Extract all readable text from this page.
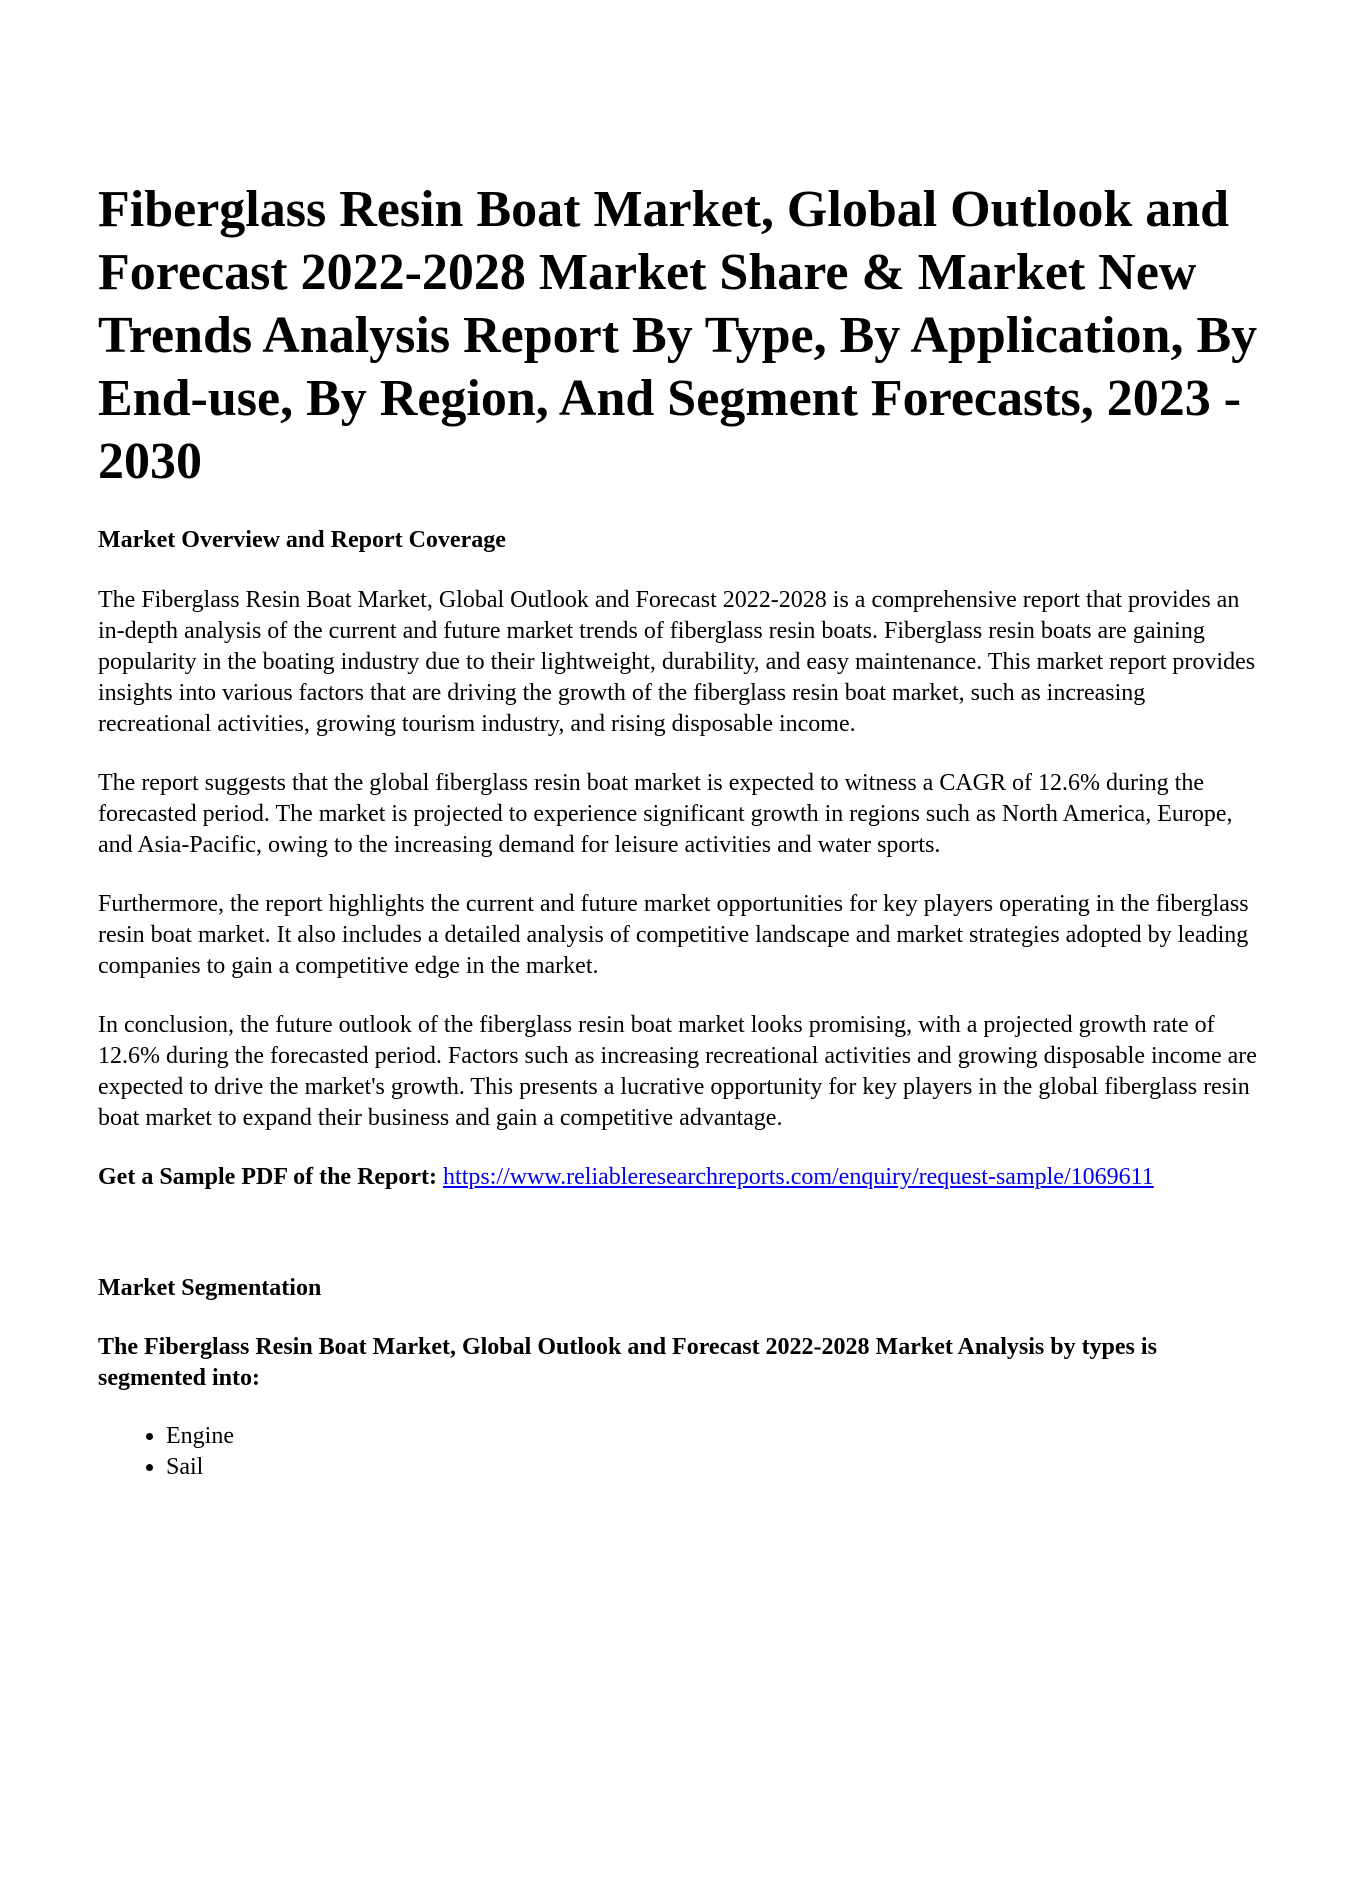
Fiberglass Resin Boat Market, Global Outlook and Forecast 2022-2028 Market Share & Market New Trends Analysis Report By Type, By Application, By End-use, By Region, And Segment Forecasts, 2023 - 2030
Market Overview and Report Coverage

The Fiberglass Resin Boat Market, Global Outlook and Forecast 2022-2028 is a comprehensive report that provides an in-depth analysis of the current and future market trends of fiberglass resin boats. Fiberglass resin boats are gaining popularity in the boating industry due to their lightweight, durability, and easy maintenance. This market report provides insights into various factors that are driving the growth of the fiberglass resin boat market, such as increasing recreational activities, growing tourism industry, and rising disposable income.

The report suggests that the global fiberglass resin boat market is expected to witness a CAGR of 12.6% during the forecasted period. The market is projected to experience significant growth in regions such as North America, Europe, and Asia-Pacific, owing to the increasing demand for leisure activities and water sports.

Furthermore, the report highlights the current and future market opportunities for key players operating in the fiberglass resin boat market. It also includes a detailed analysis of competitive landscape and market strategies adopted by leading companies to gain a competitive edge in the market.

In conclusion, the future outlook of the fiberglass resin boat market looks promising, with a projected growth rate of 12.6% during the forecasted period. Factors such as increasing recreational activities and growing disposable income are expected to drive the market's growth. This presents a lucrative opportunity for key players in the global fiberglass resin boat market to expand their business and gain a competitive advantage.

Get a Sample PDF of the Report: https://www.reliableresearchreports.com/enquiry/request-sample/1069611

Market Segmentation
The Fiberglass Resin Boat Market, Global Outlook and Forecast 2022-2028 Market Analysis by types is segmented into:
• Engine
• Sail
